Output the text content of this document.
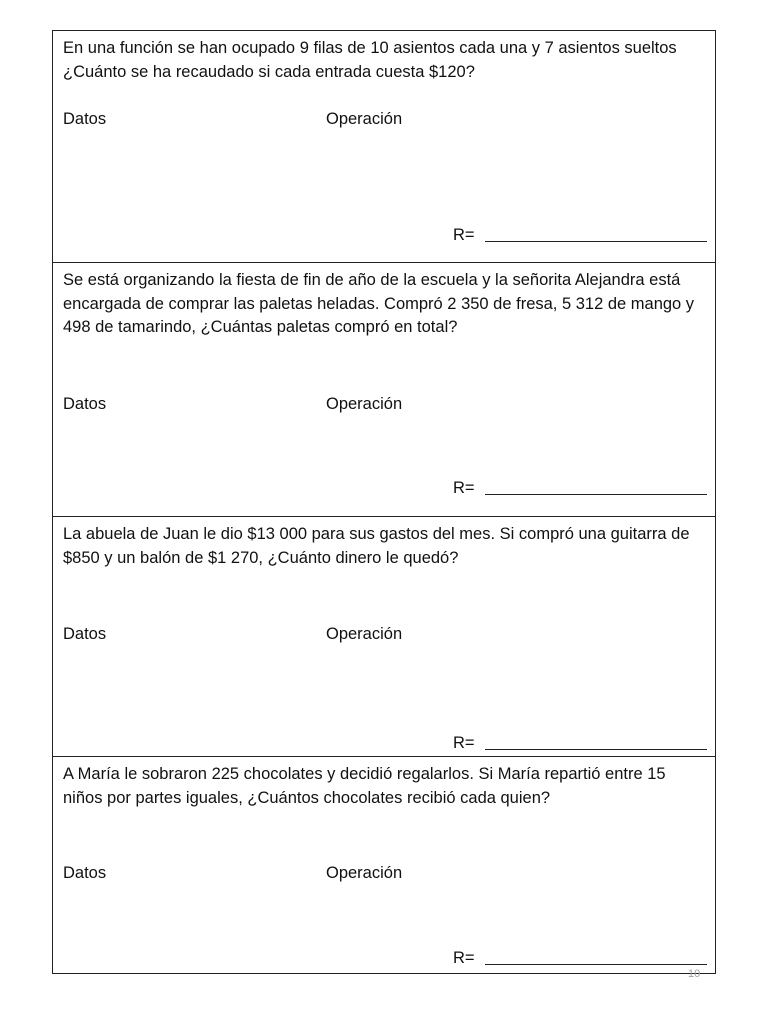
En una función se han ocupado 9 filas de 10 asientos cada una y 7 asientos sueltos ¿Cuánto se ha recaudado si cada entrada cuesta $120?

Datos	Operación
R=

Se está organizando la fiesta de fin de año de la escuela y la señorita Alejandra está encargada de comprar las paletas heladas. Compró 2 350 de fresa, 5 312 de mango y 498 de tamarindo, ¿Cuántas paletas compró en total?

Datos	Operación
R=

La abuela de Juan le dio $13 000 para sus gastos del mes. Si compró una guitarra de $850 y un balón de $1 270, ¿Cuánto dinero le quedó?

Datos	Operación
R=

A María le sobraron 225 chocolates y decidió regalarlos. Si María repartió entre 15 niños por partes iguales, ¿Cuántos chocolates recibió cada quien?

Datos	Operación
R=
10
